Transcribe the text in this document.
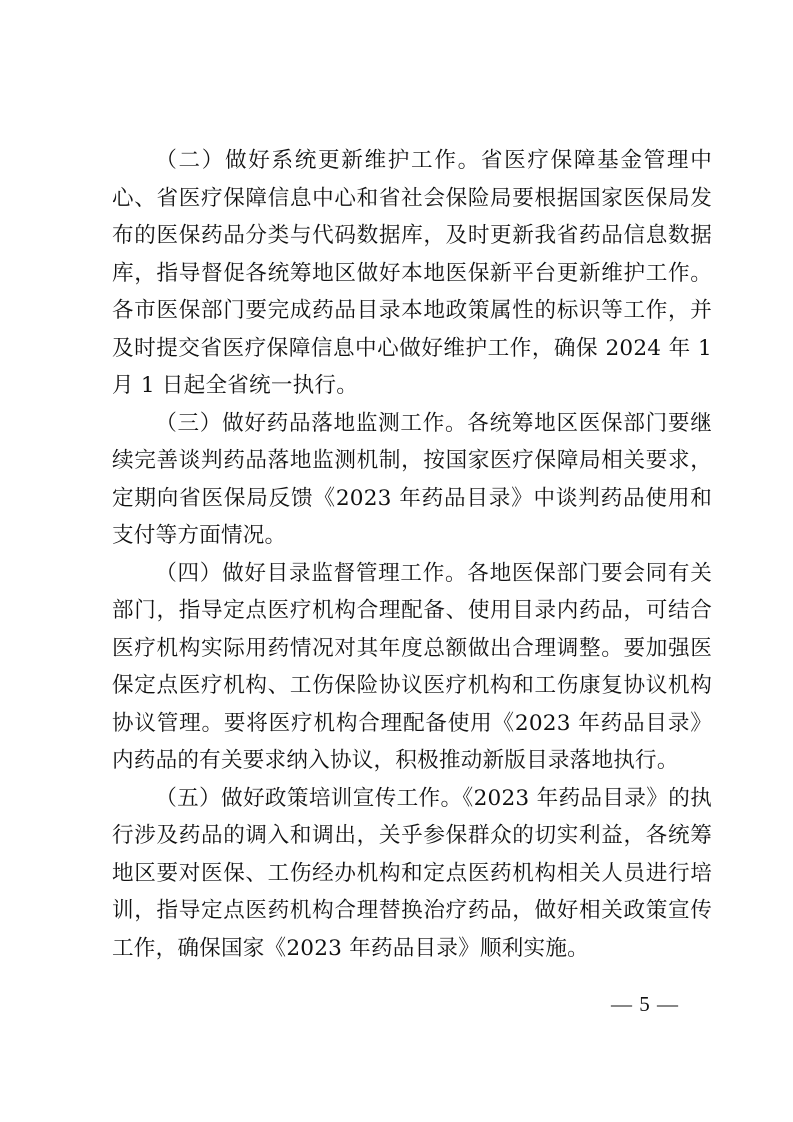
（二）做好系统更新维护工作。省医疗保障基金管理中心、省医疗保障信息中心和省社会保险局要根据国家医保局发布的医保药品分类与代码数据库，及时更新我省药品信息数据库，指导督促各统筹地区做好本地医保新平台更新维护工作。各市医保部门要完成药品目录本地政策属性的标识等工作，并及时提交省医疗保障信息中心做好维护工作，确保 2024 年 1 月 1 日起全省统一执行。

（三）做好药品落地监测工作。各统筹地区医保部门要继续完善谈判药品落地监测机制，按国家医疗保障局相关要求，定期向省医保局反馈《2023 年药品目录》中谈判药品使用和支付等方面情况。

（四）做好目录监督管理工作。各地医保部门要会同有关部门，指导定点医疗机构合理配备、使用目录内药品，可结合医疗机构实际用药情况对其年度总额做出合理调整。要加强医保定点医疗机构、工伤保险协议医疗机构和工伤康复协议机构协议管理。要将医疗机构合理配备使用《2023 年药品目录》内药品的有关要求纳入协议，积极推动新版目录落地执行。

（五）做好政策培训宣传工作。《2023 年药品目录》的执行涉及药品的调入和调出，关乎参保群众的切实利益，各统筹地区要对医保、工伤经办机构和定点医药机构相关人员进行培训，指导定点医药机构合理替换治疗药品，做好相关政策宣传工作，确保国家《2023 年药品目录》顺利实施。

— 5 —
